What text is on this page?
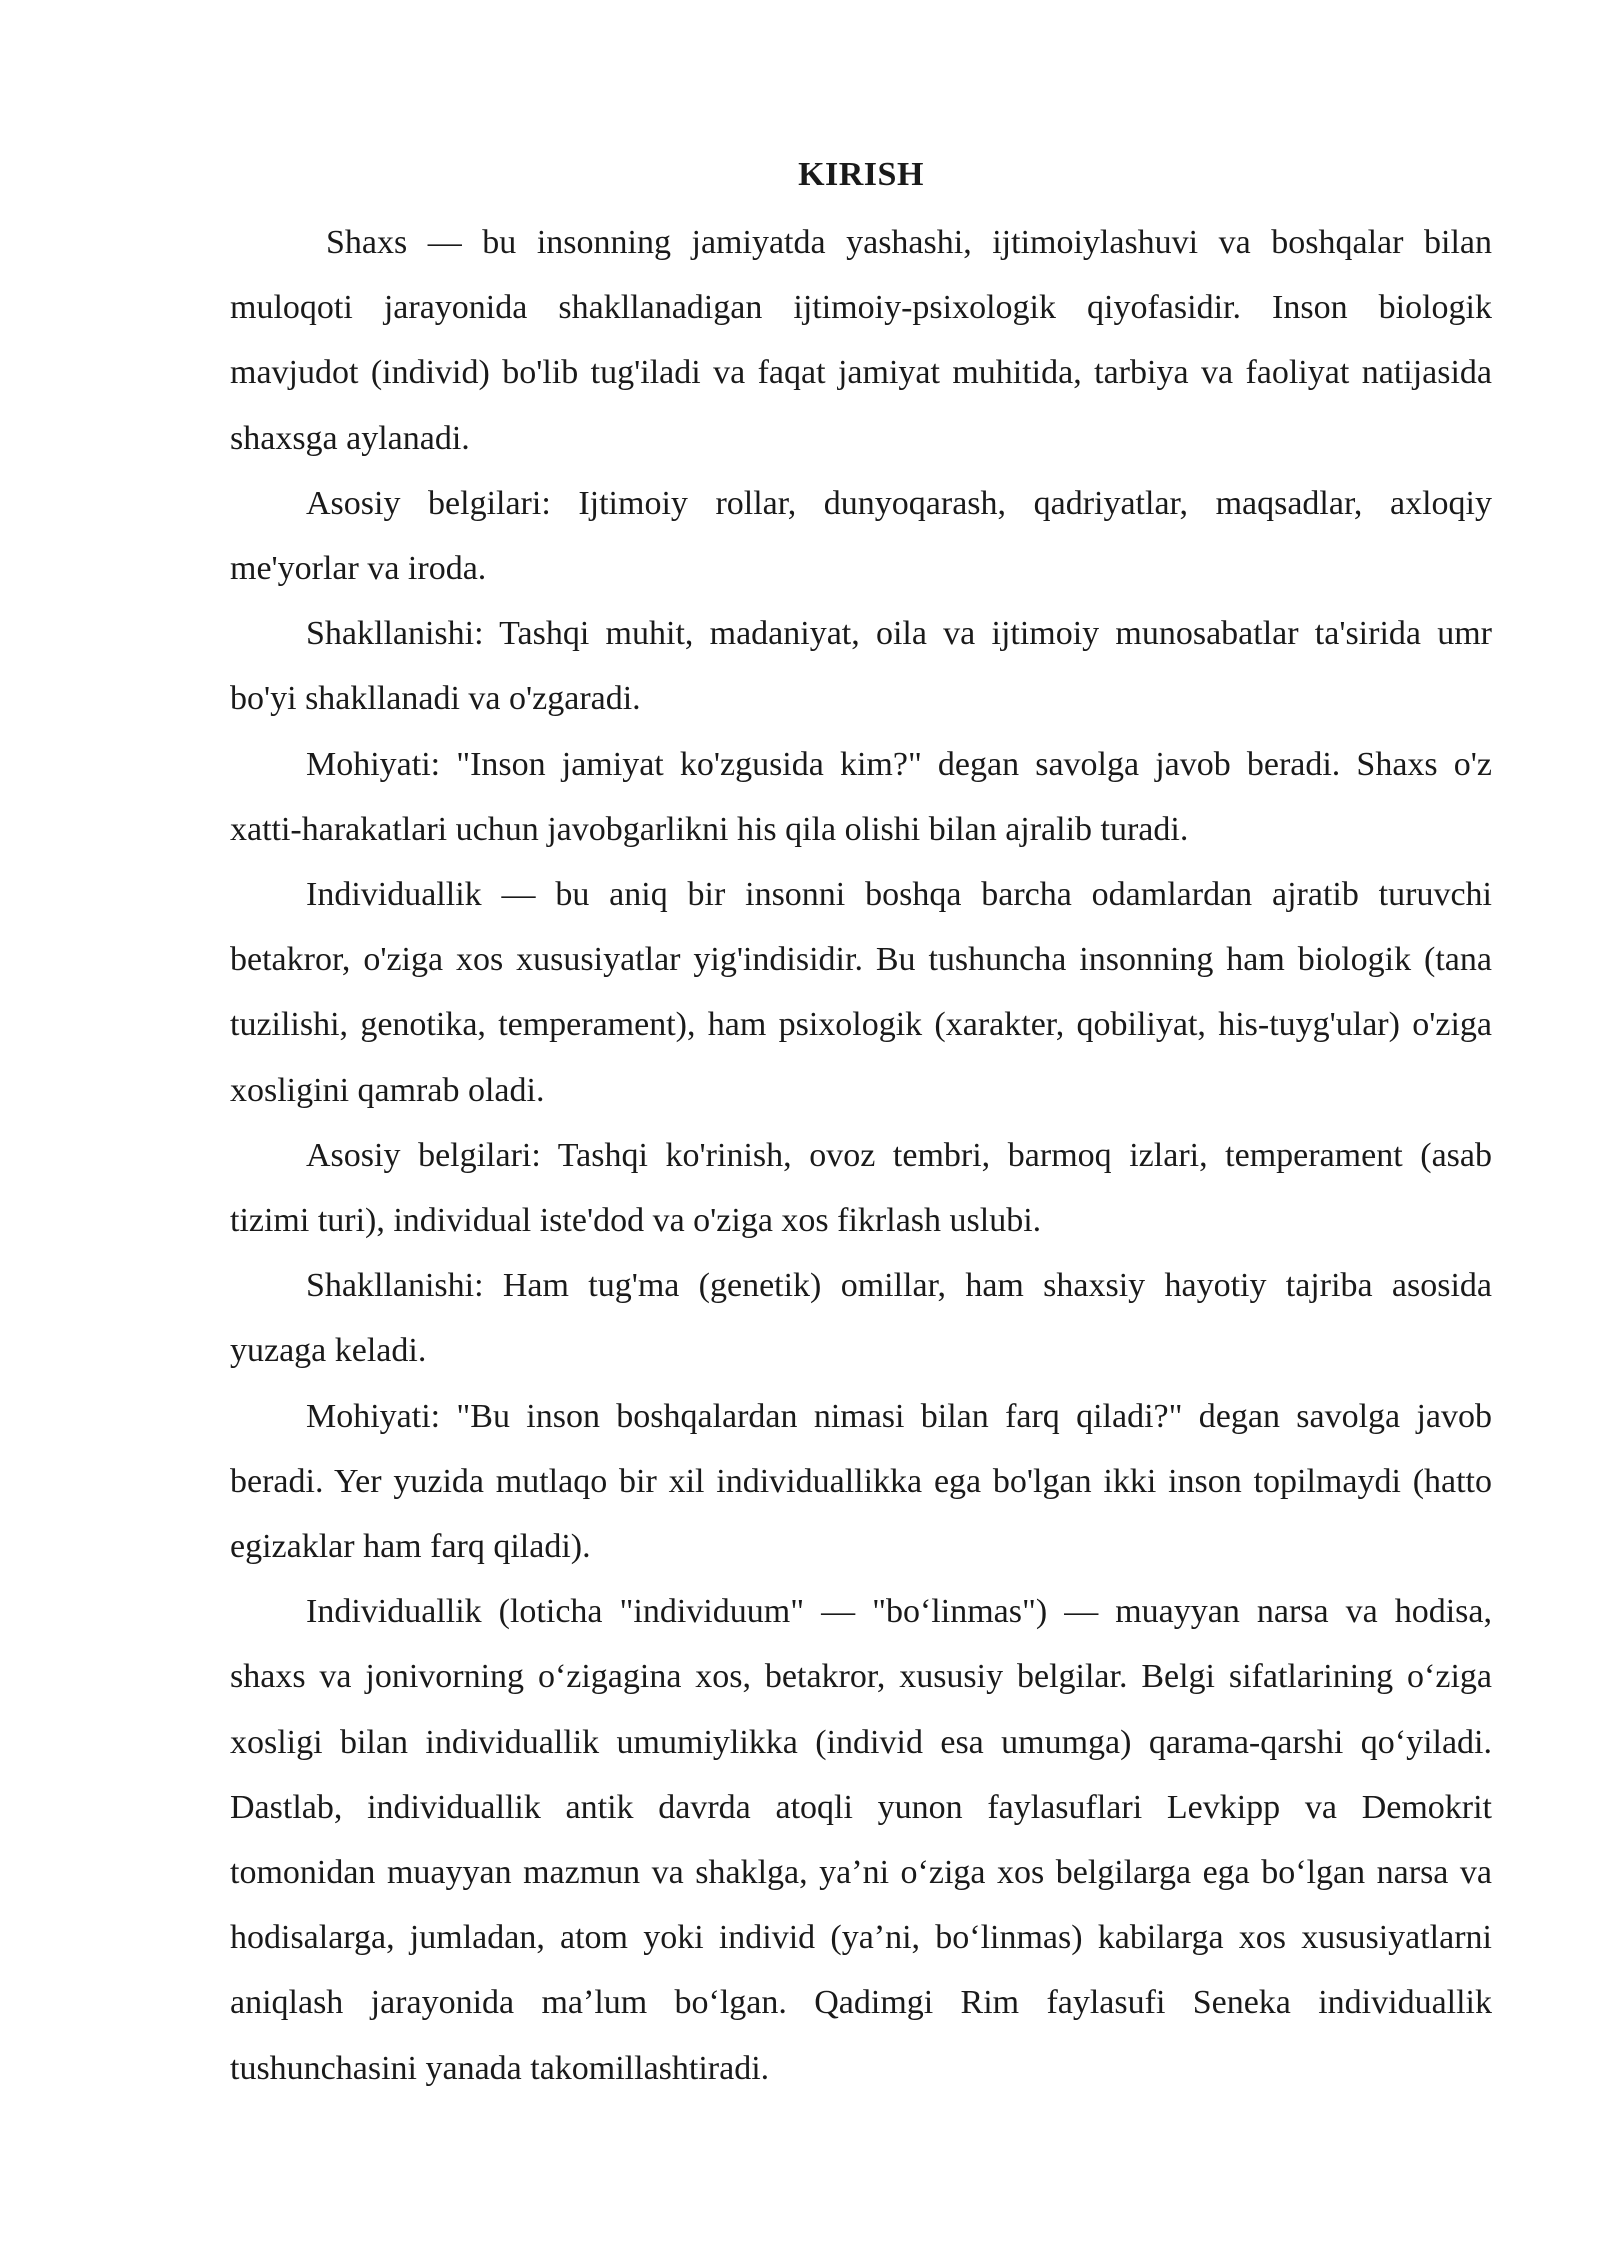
KIRISH

Shaxs — bu insonning jamiyatda yashashi, ijtimoiylashuvi va boshqalar bilan muloqoti jarayonida shakllanadigan ijtimoiy-psixologik qiyofasidir. Inson biologik mavjudot (individ) bo'lib tug'iladi va faqat jamiyat muhitida, tarbiya va faoliyat natijasida shaxsga aylanadi.

Asosiy belgilari: Ijtimoiy rollar, dunyoqarash, qadriyatlar, maqsadlar, axloqiy me'yorlar va iroda.

Shakllanishi: Tashqi muhit, madaniyat, oila va ijtimoiy munosabatlar ta'sirida umr bo'yi shakllanadi va o'zgaradi.

Mohiyati: "Inson jamiyat ko'zgusida kim?" degan savolga javob beradi. Shaxs o'z xatti-harakatlari uchun javobgarlikni his qila olishi bilan ajralib turadi.

Individuallik — bu aniq bir insonni boshqa barcha odamlardan ajratib turuvchi betakror, o'ziga xos xususiyatlar yig'indisidir. Bu tushuncha insonning ham biologik (tana tuzilishi, genotika, temperament), ham psixologik (xarakter, qobiliyat, his-tuyg'ular) o'ziga xosligini qamrab oladi.

Asosiy belgilari: Tashqi ko'rinish, ovoz tembri, barmoq izlari, temperament (asab tizimi turi), individual iste'dod va o'ziga xos fikrlash uslubi.

Shakllanishi: Ham tug'ma (genetik) omillar, ham shaxsiy hayotiy tajriba asosida yuzaga keladi.

Mohiyati: "Bu inson boshqalardan nimasi bilan farq qiladi?" degan savolga javob beradi. Yer yuzida mutlaqo bir xil individuallikka ega bo'lgan ikki inson topilmaydi (hatto egizaklar ham farq qiladi).

Individuallik (loticha "individuum" — "boʻlinmas") — muayyan narsa va hodisa, shaxs va jonivorning oʻzigagina xos, betakror, xususiy belgilar. Belgi sifatlarining oʻziga xosligi bilan individuallik umumiylikka (individ esa umumga) qarama-qarshi qoʻyiladi. Dastlab, individuallik antik davrda atoqli yunon faylasuflari Levkipp va Demokrit tomonidan muayyan mazmun va shaklga, yaʼni oʻziga xos belgilarga ega boʻlgan narsa va hodisalarga, jumladan, atom yoki individ (yaʼni, boʻlinmas) kabilarga xos xususiyatlarni aniqlash jarayonida maʼlum boʻlgan. Qadimgi Rim faylasufi Seneka individuallik tushunchasini yanada takomillashtiradi.
